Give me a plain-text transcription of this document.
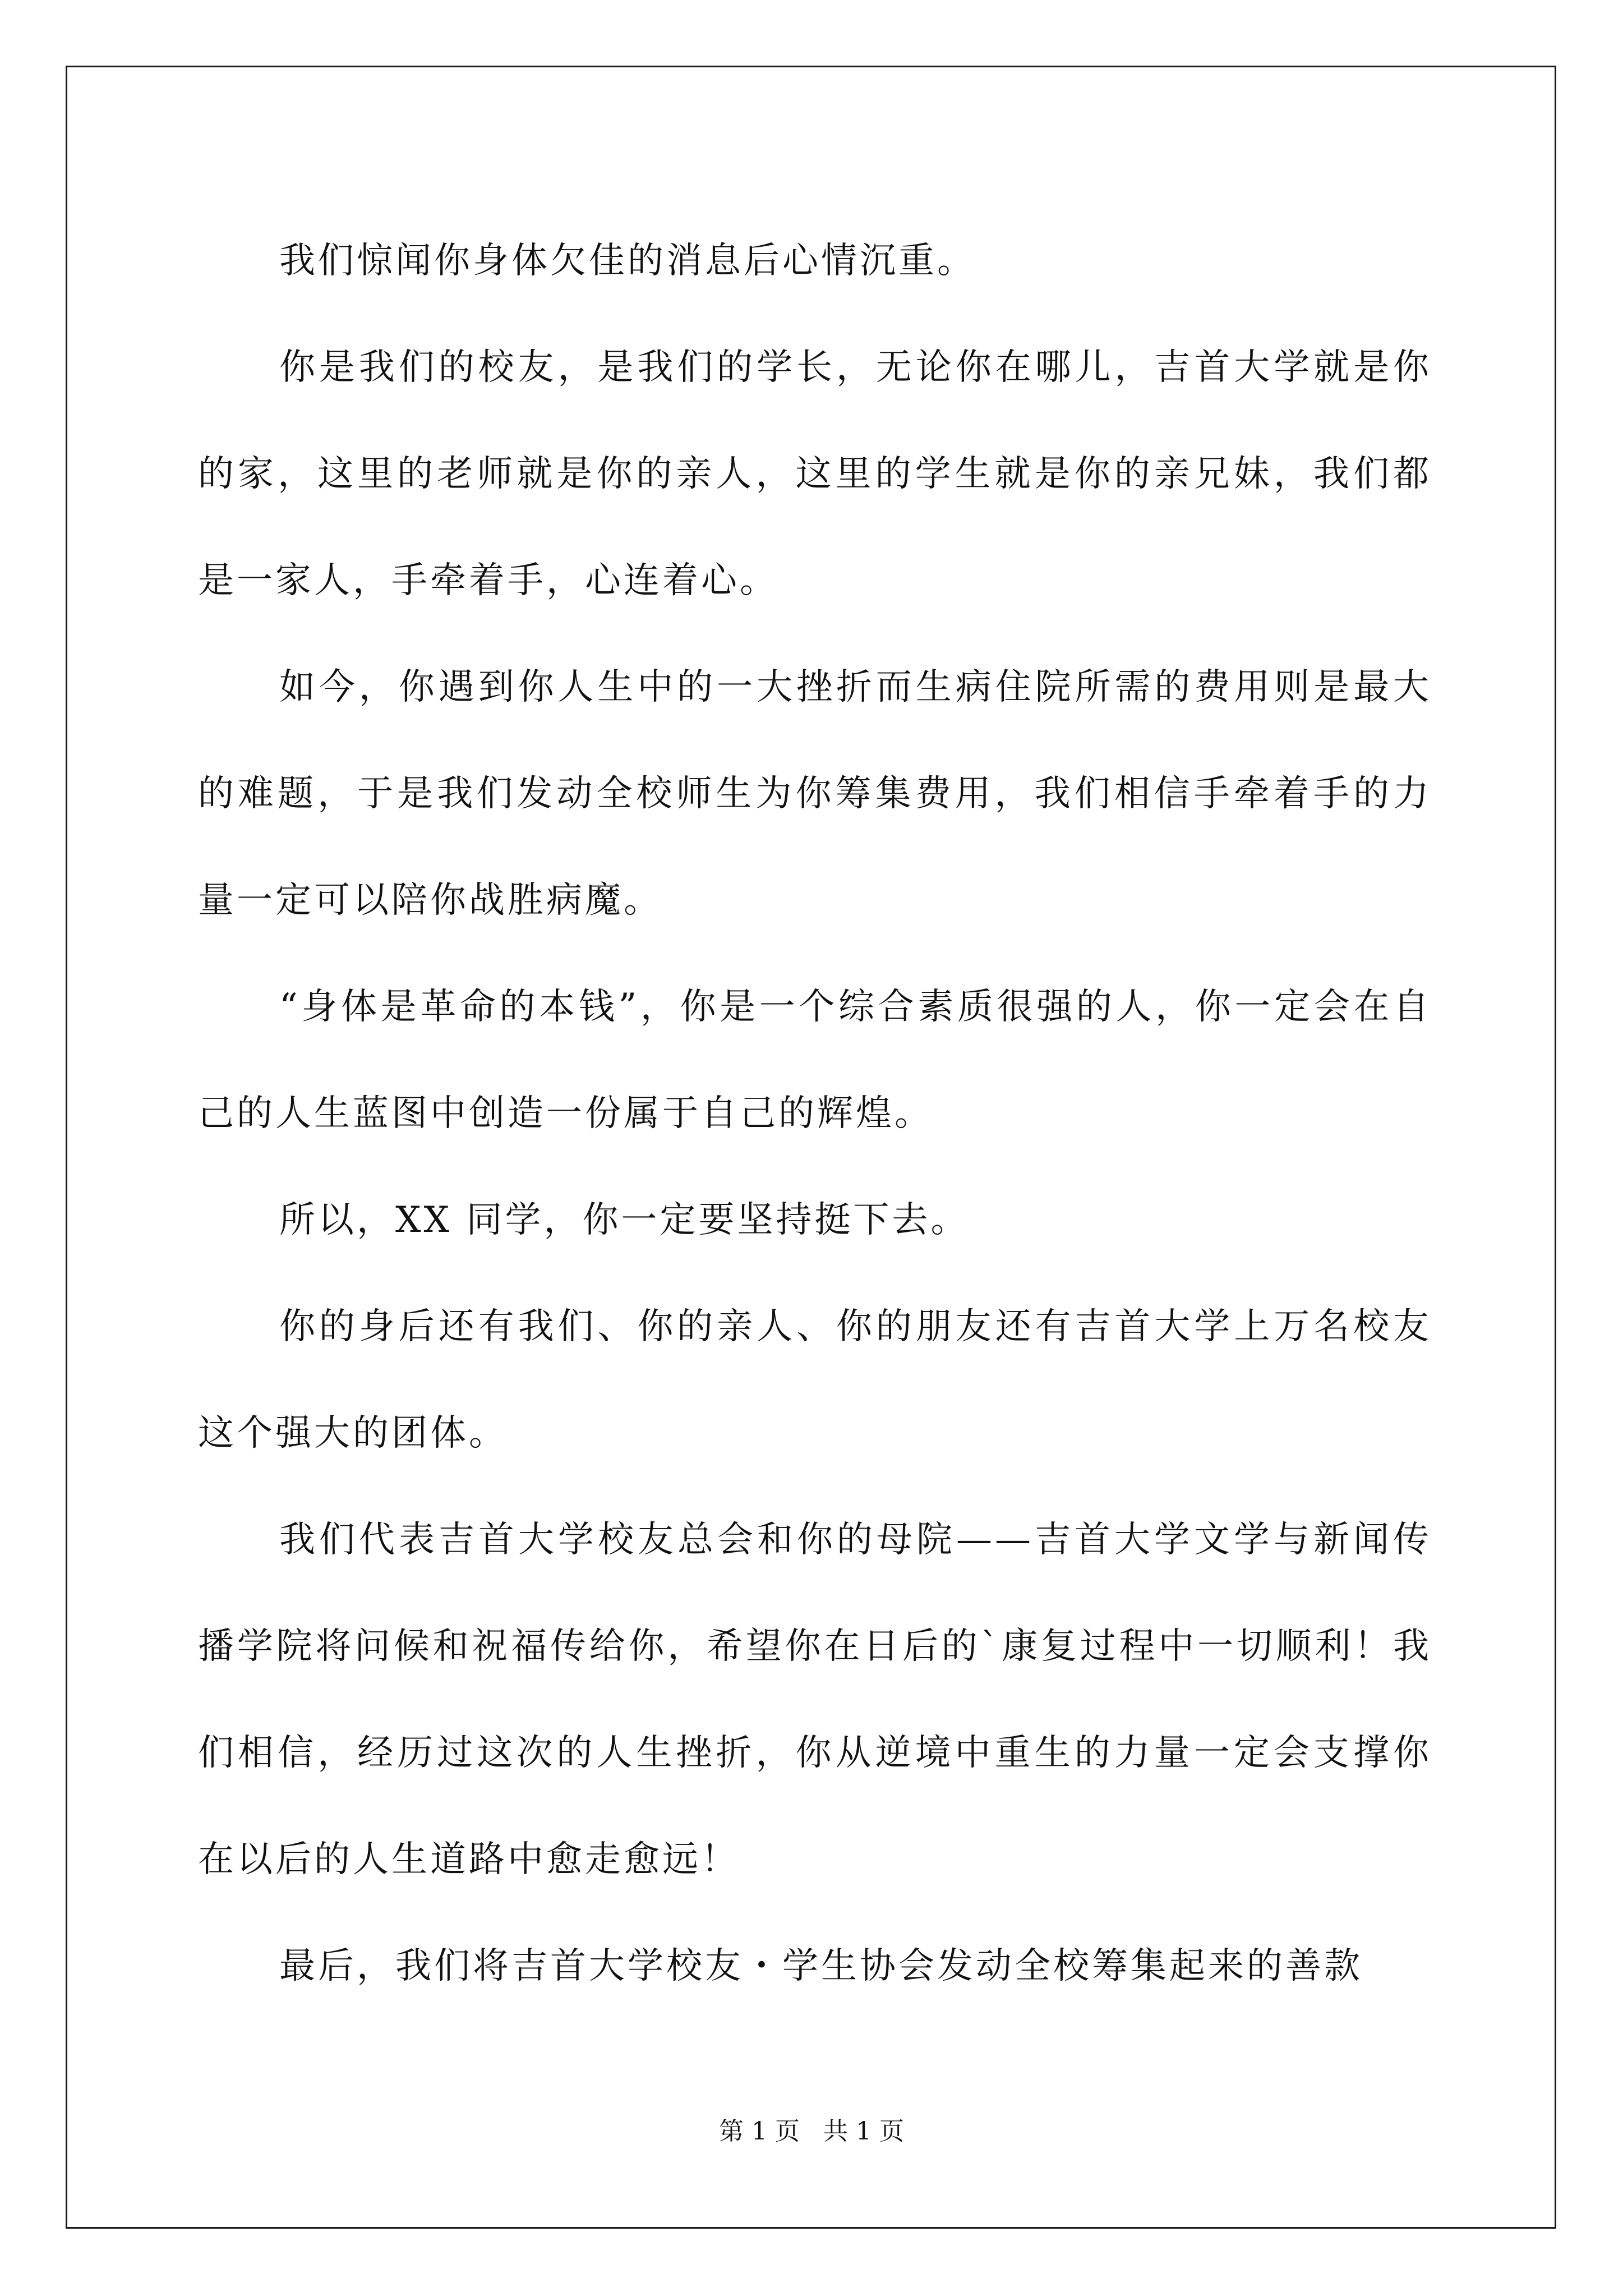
我们惊闻你身体欠佳的消息后心情沉重。

你是我们的校友，是我们的学长，无论你在哪儿，吉首大学就是你的家，这里的老师就是你的亲人，这里的学生就是你的亲兄妹，我们都是一家人，手牵着手，心连着心。

如今，你遇到你人生中的一大挫折而生病住院所需的费用则是最大的难题，于是我们发动全校师生为你筹集费用，我们相信手牵着手的力量一定可以陪你战胜病魔。

“身体是革命的本钱”，你是一个综合素质很强的人，你一定会在自己的人生蓝图中创造一份属于自己的辉煌。

所以，XX 同学，你一定要坚持挺下去。

你的身后还有我们、你的亲人、你的朋友还有吉首大学上万名校友这个强大的团体。

我们代表吉首大学校友总会和你的母院——吉首大学文学与新闻传播学院将问候和祝福传给你，希望你在日后的`康复过程中一切顺利！我们相信，经历过这次的人生挫折，你从逆境中重生的力量一定会支撑你在以后的人生道路中愈走愈远！

最后，我们将吉首大学校友・学生协会发动全校筹集起来的善款

第 1 页   共 1 页
